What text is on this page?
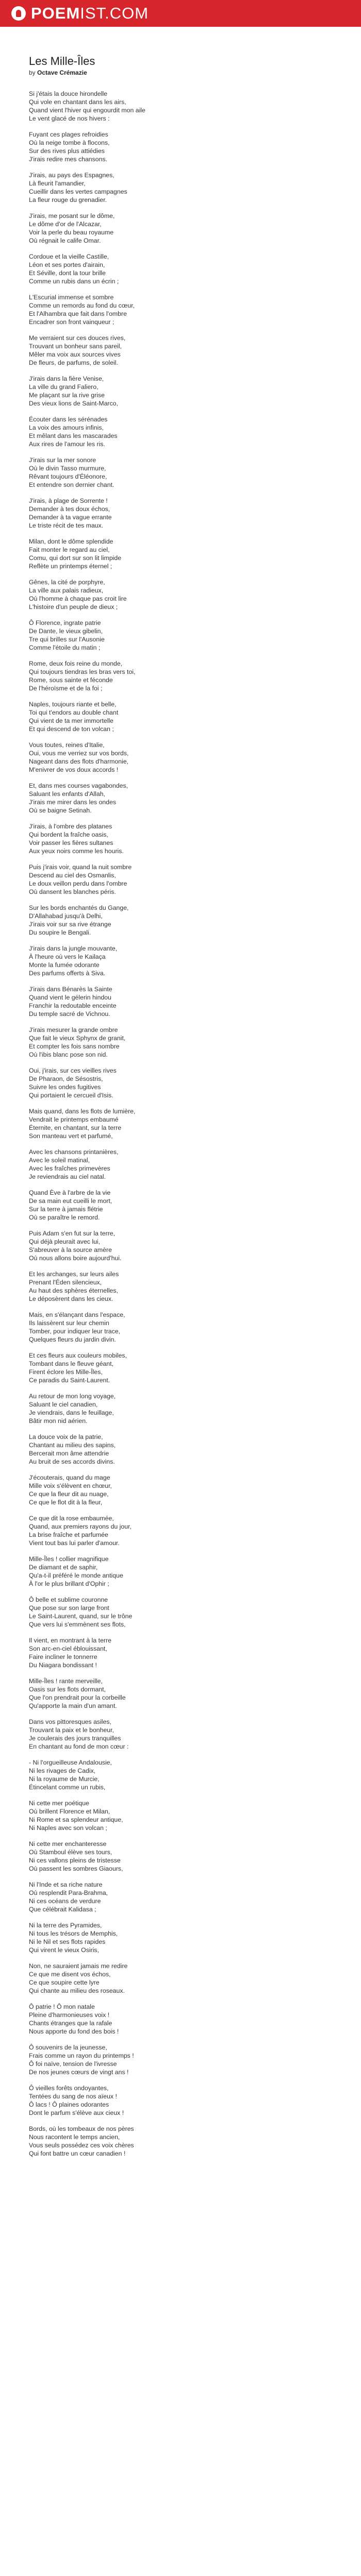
POEMIST.COM
Les Mille-Îles

by Octave Crémazie

Si j'étais la douce hirondelle
Qui vole en chantant dans les airs,
Quand vient l'hiver qui engourdit mon aile
Le vent glacé de nos hivers :
Fuyant ces plages refroidies
Où la neige tombe à flocons,
Sur des rives plus attiédies
J'irais redire mes chansons.
J'irais, au pays des Espagnes,
Là fleurit l'amandier,
Cueillir dans les vertes campagnes
La fleur rouge du grenadier.
J'irais, me posant sur le dôme,
Le dôme d'or de l'Alcazar,
Voir la perle du beau royaume
Où régnait le calife Omar.
Cordoue et la vieille Castille,
Léon et ses portes d'airain,
Et Séville, dont la tour brille
Comme un rubis dans un écrin ;
L'Escurial immense et sombre
Comme un remords au fond du cœur,
Et l'Alhambra que fait dans l'ombre
Encadrer son front vainqueur ;
Me verraient sur ces douces rives,
Trouvant un bonheur sans pareil,
Mêler ma voix aux sources vives
De fleurs, de parfums, de soleil.
J'irais dans la fière Venise,
La ville du grand Faliero,
Me plaçant sur la rive grise
Des vieux lions de Saint-Marco,
Écouter dans les sérénades
La voix des amours infinis,
Et mêlant dans les mascarades
Aux rires de l'amour les ris.
J'irais sur la mer sonore
Où le divin Tasso murmure,
Rêvant toujours d'Éléonore,
Et entendre son dernier chant.
J'irais, à plage de Sorrente !
Demander à tes doux échos,
Demander à ta vague errante
Le triste récit de tes maux.
Milan, dont le dôme splendide
Fait monter le regard au ciel,
Comu, qui dort sur son lit limpide
Reflète un printemps éternel ;
Gênes, la cité de porphyre,
La ville aux palais radieux,
Où l'homme à chaque pas croit lire
L'histoire d'un peuple de dieux ;
Ô Florence, ingrate patrie
De Dante, le vieux gibelin,
Tre qui brilles sur l'Ausonie
Comme l'étoile du matin ;
Rome, deux fois reine du monde,
Qui toujours tiendras les bras vers toi,
Rome, sous sainte et féconde
De l'héroïsme et de la foi ;
Naples, toujours riante et belle,
Toi qui t'endors au double chant
Qui vient de ta mer immortelle
Et qui descend de ton volcan ;
Vous toutes, reines d'Italie,
Oui, vous me verriez sur vos bords,
Nageant dans des flots d'harmonie,
M'enivrer de vos doux accords !
Et, dans mes courses vagabondes,
Saluant les enfants d'Allah,
J'irais me mirer dans les ondes
Où se baigne Setinah.
J'irais, à l'ombre des platanes
Qui bordent la fraîche oasis,
Voir passer les fières sultanes
Aux yeux noirs comme les houris.
Puis j'irais voir, quand la nuit sombre
Descend au ciel des Osmanlis,
Le doux veillon perdu dans l'ombre
Où dansent les blanches péris.
Sur les bords enchantés du Gange,
D'Allahabad jusqu'à Delhi,
J'irais voir sur sa rive étrange
Du soupire le Bengali.
J'irais dans la jungle mouvante,
À l'heure où vers le Kailaça
Monte la fumée odorante
Des parfums offerts à Siva.
J'irais dans Bénarès la Sainte
Quand vient le gélerin hindou
Franchir la redoutable enceinte
Du temple sacré de Vichnou.
J'irais mesurer la grande ombre
Que fait le vieux Sphynx de granit,
Et compter les fois sans nombre
Où l'ibis blanc pose son nid.
Oui, j'irais, sur ces vieilles rives
De Pharaon, de Sésostris,
Suivre les ondes fugitives
Qui portaient le cercueil d'Isis.
Mais quand, dans les flots de lumière,
Vendrait le printemps embaumé
Éternite, en chantant, sur la terre
Son manteau vert et parfumé,
Avec les chansons printanières,
Avec le soleil matinal,
Avec les fraîches primevères
Je reviendrais au ciel natal.
Quand Ève à l'arbre de la vie
De sa main eut cueilli le mort,
Sur la terre à jamais flétrie
Où se paraître le remord.
Puis Adam s'en fut sur la terre,
Qui déjà pleurait avec lui,
S'abreuver à la source amère
Où nous allons boire aujourd'hui.
Et les archanges, sur leurs ailes
Prenant l'Éden silencieux,
Au haut des sphères éternelles,
Le déposèrent dans les cieux.
Mais, en s'élançant dans l'espace,
Ils laissèrent sur leur chemin
Tomber, pour indiquer leur trace,
Quelques fleurs du jardin divin.
Et ces fleurs aux couleurs mobiles,
Tombant dans le fleuve géant,
Firent éclore les Mille-Îles,
Ce paradis du Saint-Laurent.
Au retour de mon long voyage,
Saluant le ciel canadien,
Je viendrais, dans le feuillage,
Bâtir mon nid aérien.
La douce voix de la patrie,
Chantant au milieu des sapins,
Bercerait mon âme attendrie
Au bruit de ses accords divins.
J'écouterais, quand du mage
Mille voix s'élèvent en chœur,
Ce que la fleur dit au nuage,
Ce que le flot dit à la fleur,
Ce que dit la rose embaumée,
Quand, aux premiers rayons du jour,
La brise fraîche et parfumée
Vient tout bas lui parler d'amour.
Mille-Îles ! collier magnifique
De diamant et de saphir,
Qu'a-t-il préféré le monde antique
À l'or le plus brillant d'Ophir ;
Ô belle et sublime couronne
Que pose sur son large front
Le Saint-Laurent, quand, sur le trône
Que vers lui s'emmènent ses flots,
Il vient, en montrant à la terre
Son arc-en-ciel éblouissant,
Faire incliner le tonnerre
Du Niagara bondissant !
Mille-Îles ! rante merveille,
Oasis sur les flots dormant,
Que l'on prendrait pour la corbeille
Qu'apporte la main d'un amant.
Dans vos pittoresques asiles,
Trouvant la paix et le bonheur,
Je coulerais des jours tranquilles
En chantant au fond de mon cœur :
- Ni l'orgueilleuse Andalousie,
Ni les rivages de Cadix,
Ni la royaume de Murcie,
Étincelant comme un rubis,
Ni cette mer poétique
Où brillent Florence et Milan,
Ni Rome et sa splendeur antique,
Ni Naples avec son volcan ;
Ni cette mer enchanteresse
Où Stamboul élève ses tours,
Ni ces vallons pleins de tristesse
Où passent les sombres Giaours,
Ni l'Inde et sa riche nature
Où resplendit Para-Brahma,
Ni ces océans de verdure
Que célébrait Kalidasa ;
Ni la terre des Pyramides,
Ni tous les trésors de Memphis,
Ni le Nil et ses flots rapides
Qui virent le vieux Osiris,
Non, ne sauraient jamais me redire
Ce que me disent vos échos,
Ce que soupire cette lyre
Qui chante au milieu des roseaux.
Ô patrie ! Ô mon natale
Pleine d'harmonieuses voix !
Chants étranges que la rafale
Nous apporte du fond des bois !
Ô souvenirs de la jeunesse,
Frais comme un rayon du printemps !
Ô foi naïve, tension de l'ivresse
De nos jeunes cœurs de vingt ans !
Ô vieilles forêts ondoyantes,
Tentées du sang de nos aïeux !
Ô lacs ! Ô plaines odorantes
Dont le parfum s'élève aux cieux !
Bords, où les tombeaux de nos pères
Nous racontent le temps ancien,
Vous seuls possédez ces voix chères
Qui font battre un cœur canadien !
